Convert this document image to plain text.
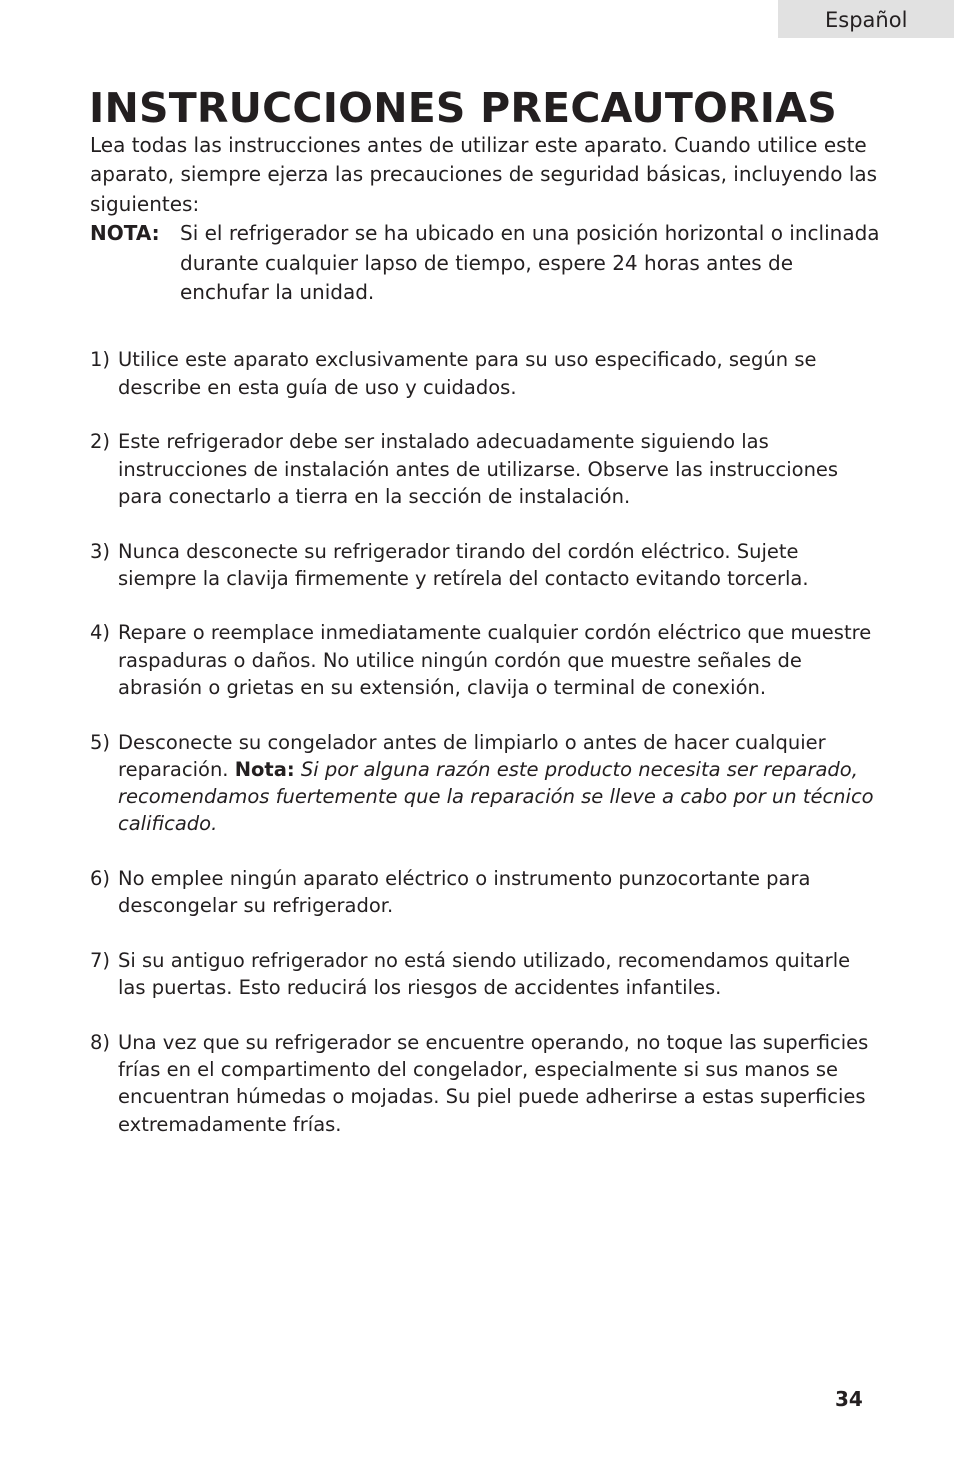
Español
INSTRUCCIONES PRECAUTORIAS

Lea todas las instrucciones antes de utilizar este aparato. Cuando utilice este aparato, siempre ejerza las precauciones de seguridad básicas, incluyendo las siguientes:

NOTA:	Si el refrigerador se ha ubicado en una posición horizontal o inclinada durante cualquier lapso de tiempo, espere 24 horas antes de enchufar la unidad.
1) Utilice este aparato exclusivamente para su uso especificado, según se describe en esta guía de uso y cuidados.
2) Este refrigerador debe ser instalado adecuadamente siguiendo las instrucciones de instalación antes de utilizarse. Observe las instrucciones para conectarlo a tierra en la sección de instalación.
3) Nunca desconecte su refrigerador tirando del cordón eléctrico. Sujete siempre la clavija firmemente y retírela del contacto evitando torcerla.
4) Repare o reemplace inmediatamente cualquier cordón eléctrico que muestre raspaduras o daños. No utilice ningún cordón que muestre señales de abrasión o grietas en su extensión, clavija o terminal de conexión.
5) Desconecte su congelador antes de limpiarlo o antes de hacer cualquier reparación. Nota: Si por alguna razón este producto necesita ser reparado, recomendamos fuertemente que la reparación se lleve a cabo por un técnico calificado.
6) No emplee ningún aparato eléctrico o instrumento punzocortante para descongelar su refrigerador.
7) Si su antiguo refrigerador no está siendo utilizado, recomendamos quitarle las puertas. Esto reducirá los riesgos de accidentes infantiles.
8) Una vez que su refrigerador se encuentre operando, no toque las superficies frías en el compartimento del congelador, especialmente si sus manos se encuentran húmedas o mojadas. Su piel puede adherirse a estas superficies extremadamente frías.
34
